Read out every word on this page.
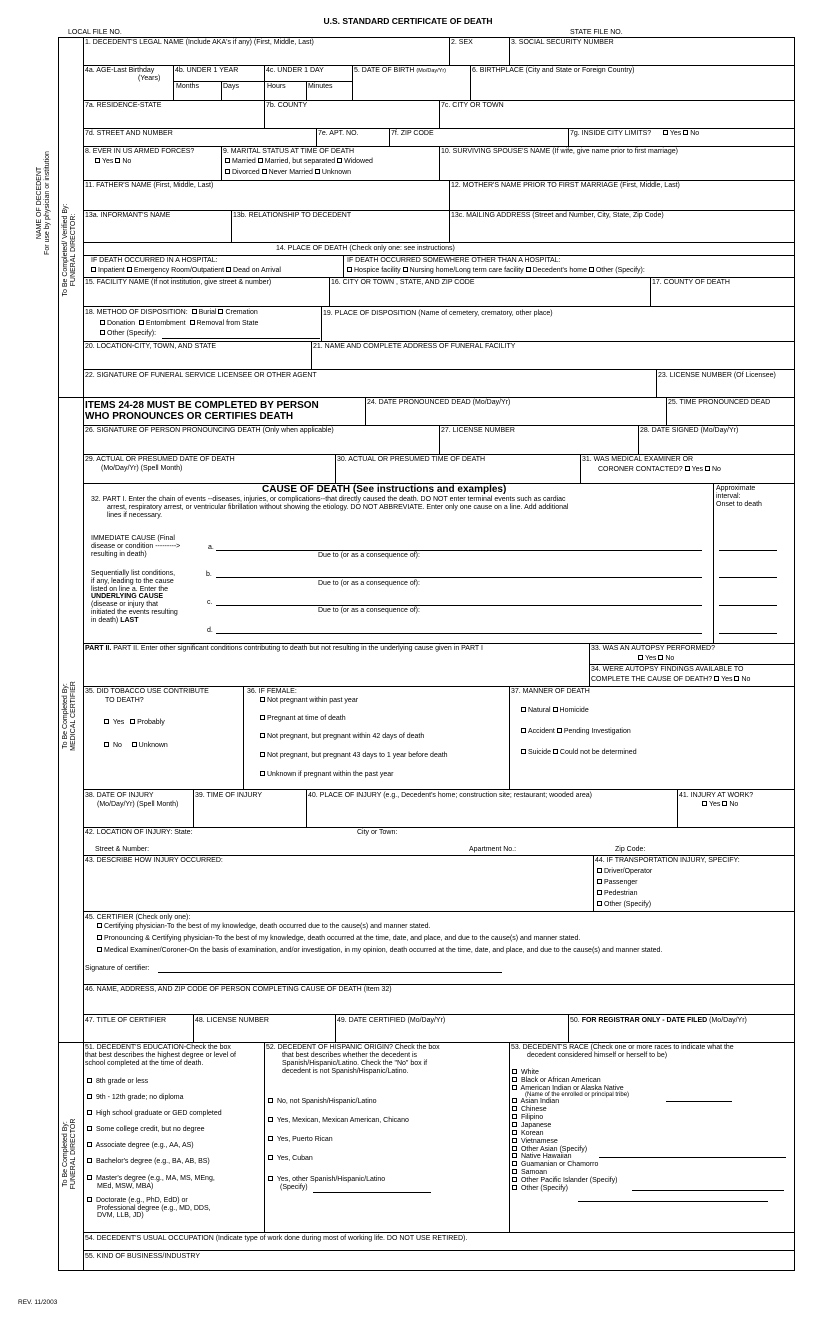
U.S. STANDARD CERTIFICATE OF DEATH
LOCAL FILE NO.	STATE FILE NO.
NAME OF DECEDENT For use by physician or institution To Be Completed/ Verified By: FUNERAL DIRECTOR:
To Be Completed By: MEDICAL CERTIFIER
To Be Completed By: FUNERAL DIRECTOR
1. DECEDENT'S LEGAL NAME (Include AKA's if any) (First, Middle, Last)	2. SEX	3. SOCIAL SECURITY NUMBER
4a. AGE-Last Birthday
(Years)
4b. UNDER 1 YEAR
Months	Days
4c. UNDER 1 DAY
Hours	Minutes
5. DATE OF BIRTH (Mo/Day/Yr)	6. BIRTHPLACE (City and State or Foreign Country)
7a. RESIDENCE-STATE	7b. COUNTY	7c. CITY OR TOWN
7d. STREET AND NUMBER	7e. APT. NO.	7f. ZIP CODE	7g. INSIDE CITY LIMITS?	Yes No
8. EVER IN US ARMED FORCES?
Yes No
9. MARITAL STATUS AT TIME OF DEATH
Married Married, but separated Widowed
Divorced Never Married Unknown
10. SURVIVING SPOUSE'S NAME (If wife, give name prior to first marriage)
11. FATHER'S NAME (First, Middle, Last)	12. MOTHER'S NAME PRIOR TO FIRST MARRIAGE (First, Middle, Last)
13a. INFORMANT'S NAME	13b. RELATIONSHIP TO DECEDENT	13c. MAILING ADDRESS (Street and Number, City, State, Zip Code)
14. PLACE OF DEATH (Check only one: see instructions)
IF DEATH OCCURRED IN A HOSPITAL:
Inpatient Emergency Room/Outpatient Dead on Arrival
IF DEATH OCCURRED SOMEWHERE OTHER THAN A HOSPITAL:
Hospice facility Nursing home/Long term care facility Decedent's home Other (Specify):
15. FACILITY NAME (If not institution, give street & number)	16. CITY OR TOWN , STATE, AND ZIP CODE	17. COUNTY OF DEATH
18. METHOD OF DISPOSITION: Burial Cremation
Donation Entombment Removal from State
Other (Specify):
19. PLACE OF DISPOSITION (Name of cemetery, crematory, other place)
20. LOCATION-CITY, TOWN, AND STATE	21. NAME AND COMPLETE ADDRESS OF FUNERAL FACILITY
22. SIGNATURE OF FUNERAL SERVICE LICENSEE OR OTHER AGENT	23. LICENSE NUMBER (Of Licensee)
ITEMS 24-28 MUST BE COMPLETED BY PERSON
WHO PRONOUNCES OR CERTIFIES DEATH
24. DATE PRONOUNCED DEAD (Mo/Day/Yr)	25. TIME PRONOUNCED DEAD
26. SIGNATURE OF PERSON PRONOUNCING DEATH (Only when applicable)	27. LICENSE NUMBER	28. DATE SIGNED (Mo/Day/Yr)
29. ACTUAL OR PRESUMED DATE OF DEATH
(Mo/Day/Yr) (Spell Month)
30. ACTUAL OR PRESUMED TIME OF DEATH	31. WAS MEDICAL EXAMINER OR
CORONER CONTACTED? Yes No
CAUSE OF DEATH (See instructions and examples)	Approximate
interval:
Onset to death
32. PART I. Enter the chain of events --diseases, injuries, or complications--that directly caused the death. DO NOT enter terminal events such as cardiac
arrest, respiratory arrest, or ventricular fibrillation without showing the etiology. DO NOT ABBREVIATE. Enter only one cause on a line. Add additional
lines if necessary.
IMMEDIATE CAUSE (Final
disease or condition --------->
resulting in death)
a.
Due to (or as a consequence of):
Sequentially list conditions,
if any, leading to the cause
listed on line a. Enter the
UNDERLYING CAUSE
(disease or injury that
initiated the events resulting
in death) LAST
b.
Due to (or as a consequence of):
c.
Due to (or as a consequence of):
d.
PART II. PART II. Enter other significant conditions contributing to death but not resulting in the underlying cause given in PART I	33. WAS AN AUTOPSY PERFORMED?
Yes No
34. WERE AUTOPSY FINDINGS AVAILABLE TO
COMPLETE THE CAUSE OF DEATH? Yes No
35. DID TOBACCO USE CONTRIBUTE
TO DEATH?
Yes Probably
No Unknown
36. IF FEMALE:
Not pregnant within past year
Pregnant at time of death
Not pregnant, but pregnant within 42 days of death
Not pregnant, but pregnant 43 days to 1 year before death
Unknown if pregnant within the past year
37. MANNER OF DEATH
Natural Homicide
Accident Pending Investigation
Suicide Could not be determined
38. DATE OF INJURY
(Mo/Day/Yr) (Spell Month)
39. TIME OF INJURY	40. PLACE OF INJURY (e.g., Decedent's home; construction site; restaurant; wooded area)	41. INJURY AT WORK?
Yes No
42. LOCATION OF INJURY: State:	City or Town:
Street & Number:	Apartment No.:	Zip Code:
43. DESCRIBE HOW INJURY OCCURRED:	44. IF TRANSPORTATION INJURY, SPECIFY:
Driver/Operator
Passenger
Pedestrian
Other (Specify)
45. CERTIFIER (Check only one):
Certifying physician-To the best of my knowledge, death occurred due to the cause(s) and manner stated.
Pronouncing & Certifying physician-To the best of my knowledge, death occurred at the time, date, and place, and due to the cause(s) and manner stated.
Medical Examiner/Coroner-On the basis of examination, and/or investigation, in my opinion, death occurred at the time, date, and place, and due to the cause(s) and manner stated.
Signature of certifier:
46. NAME, ADDRESS, AND ZIP CODE OF PERSON COMPLETING CAUSE OF DEATH (Item 32)
47. TITLE OF CERTIFIER	48. LICENSE NUMBER	49. DATE CERTIFIED (Mo/Day/Yr)	50. FOR REGISTRAR ONLY - DATE FILED (Mo/Day/Yr)
51. DECEDENT'S EDUCATION-Check the box
that best describes the highest degree or level of
school completed at the time of death.
8th grade or less
9th - 12th grade; no diploma
High school graduate or GED completed
Some college credit, but no degree
Associate degree (e.g., AA, AS)
Bachelor's degree (e.g., BA, AB, BS)
Master's degree (e.g., MA, MS, MEng,
MEd, MSW, MBA)
Doctorate (e.g., PhD, EdD) or
Professional degree (e.g., MD, DDS,
DVM, LLB, JD)
52. DECEDENT OF HISPANIC ORIGIN? Check the box
that best describes whether the decedent is
Spanish/Hispanic/Latino. Check the "No" box if
decedent is not Spanish/Hispanic/Latino.
No, not Spanish/Hispanic/Latino
Yes, Mexican, Mexican American, Chicano
Yes, Puerto Rican
Yes, Cuban
Yes, other Spanish/Hispanic/Latino
(Specify)
53. DECEDENT'S RACE (Check one or more races to indicate what the
decedent considered himself or herself to be)
White
Black or African American
American Indian or Alaska Native
(Name of the enrolled or principal tribe)
Asian Indian
Chinese
Filipino
Japanese
Korean
Vietnamese
Other Asian (Specify)
Native Hawaiian
Guamanian or Chamorro
Samoan
Other Pacific Islander (Specify)
Other (Specify)
54. DECEDENT'S USUAL OCCUPATION (Indicate type of work done during most of working life. DO NOT USE RETIRED).
55. KIND OF BUSINESS/INDUSTRY
REV. 11/2003
